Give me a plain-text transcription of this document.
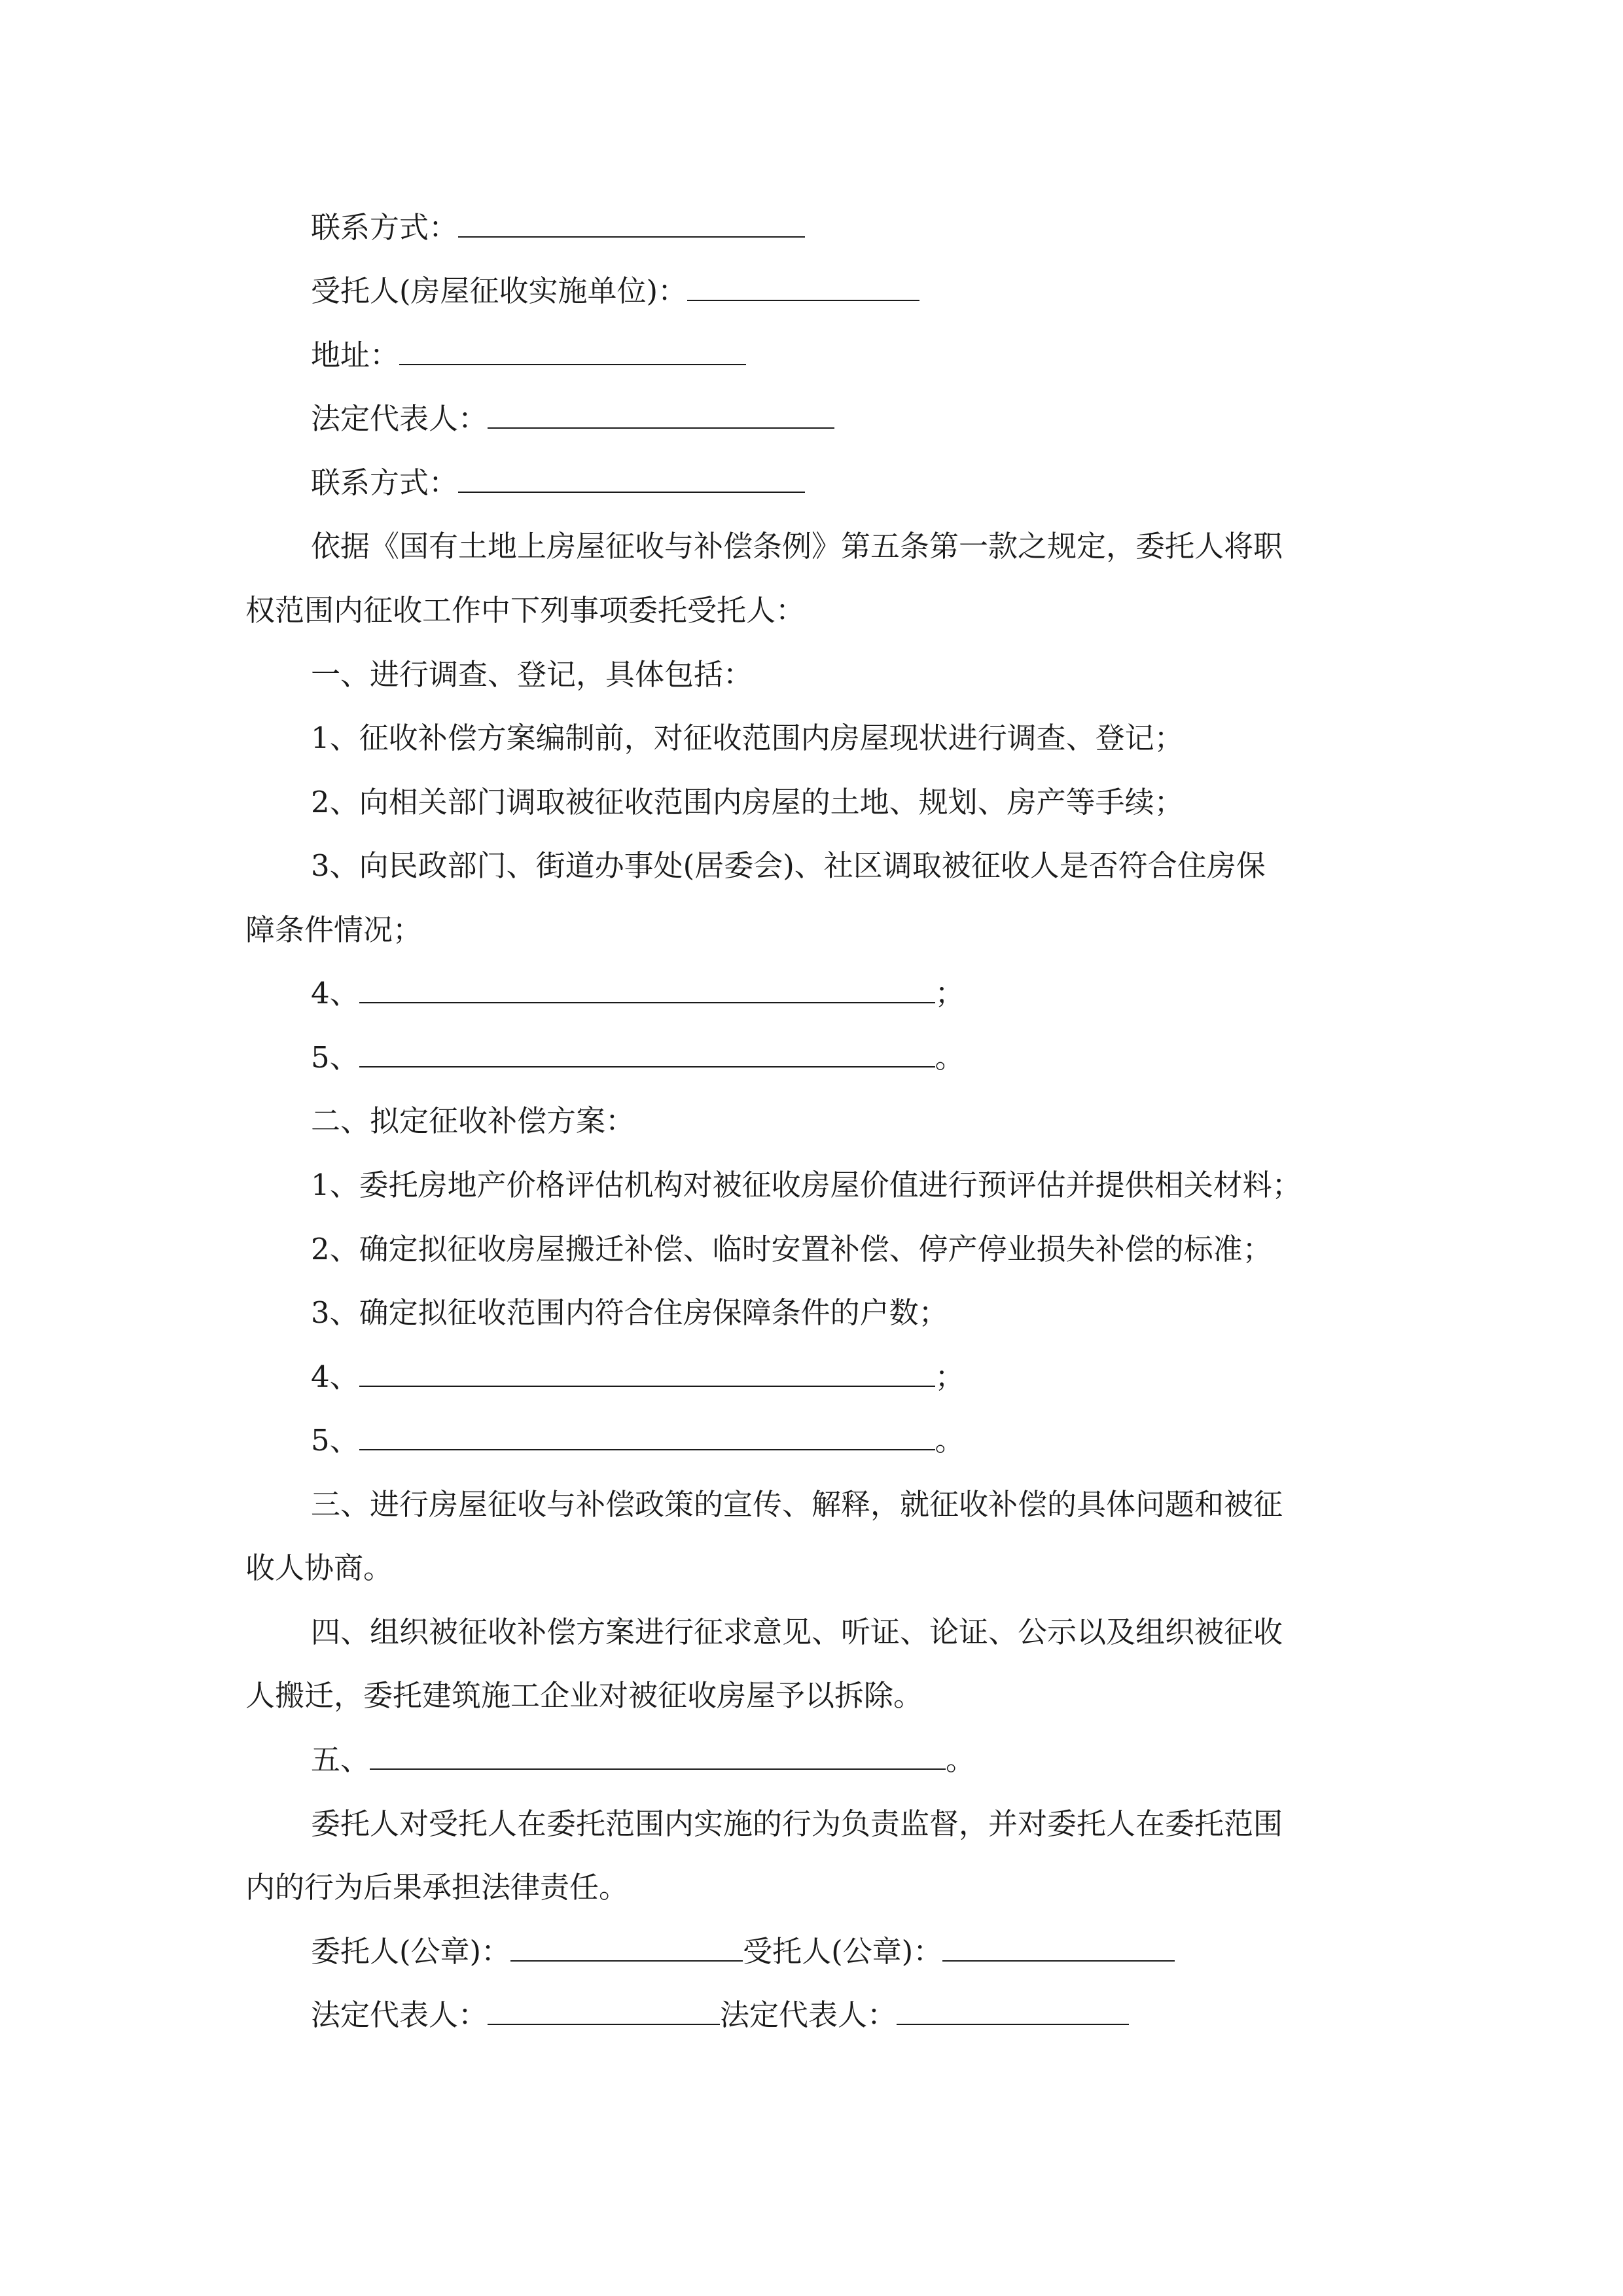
联系方式：
受托人(房屋征收实施单位)：
地址：
法定代表人：
联系方式：
依据《国有土地上房屋征收与补偿条例》第五条第一款之规定，委托人将职
权范围内征收工作中下列事项委托受托人：
一、进行调查、登记，具体包括：
1、征收补偿方案编制前，对征收范围内房屋现状进行调查、登记；
2、向相关部门调取被征收范围内房屋的土地、规划、房产等手续；
3、向民政部门、街道办事处(居委会)、社区调取被征收人是否符合住房保
障条件情况；
4、	；
5、	。
二、拟定征收补偿方案：
1、委托房地产价格评估机构对被征收房屋价值进行预评估并提供相关材料；
2、确定拟征收房屋搬迁补偿、临时安置补偿、停产停业损失补偿的标准；
3、确定拟征收范围内符合住房保障条件的户数；
4、	；
5、	。
三、进行房屋征收与补偿政策的宣传、解释，就征收补偿的具体问题和被征
收人协商。
四、组织被征收补偿方案进行征求意见、听证、论证、公示以及组织被征收
人搬迁，委托建筑施工企业对被征收房屋予以拆除。
五、	。
委托人对受托人在委托范围内实施的行为负责监督，并对委托人在委托范围
内的行为后果承担法律责任。
委托人(公章)：	受托人(公章)：
法定代表人：	法定代表人：
